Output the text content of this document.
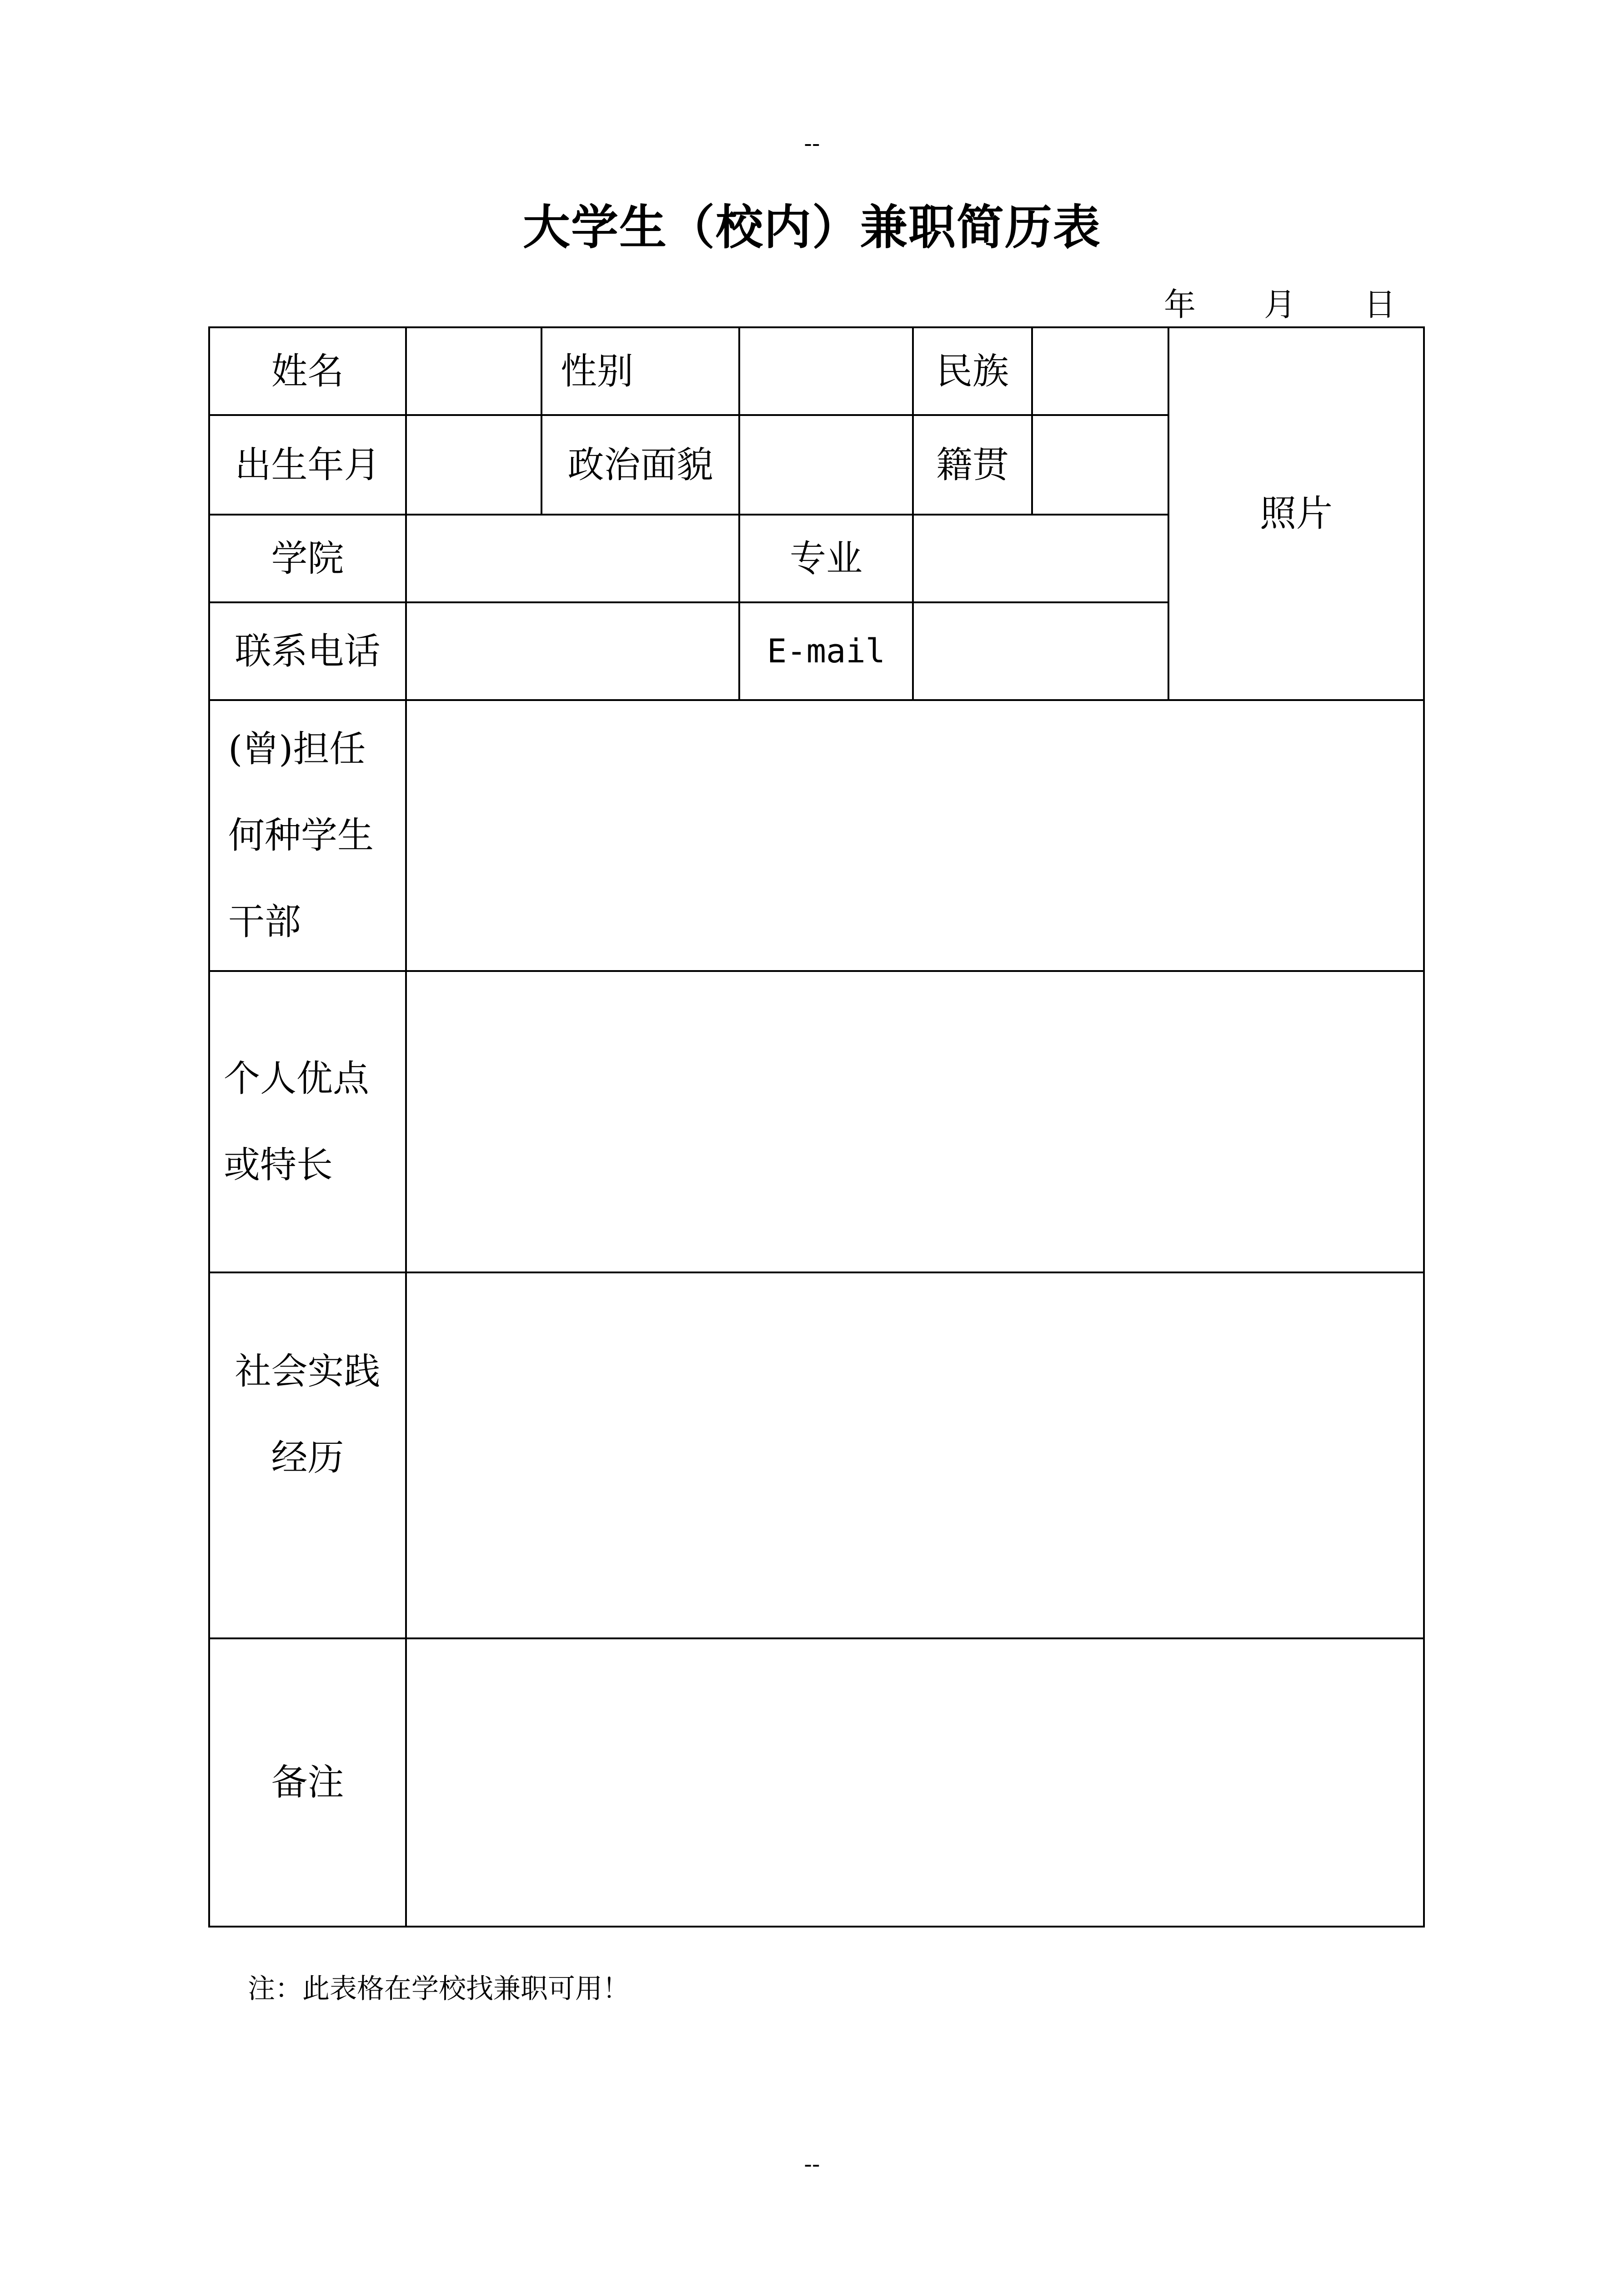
--
大学生（校内）兼职简历表
年 月 日
姓名		性别		民族		照片
出生年月		政治面貌		籍贯		
学院			专业			
联系电话			E-mail			

(曾)担任
何种学生
干部						

个人优点
或特长						

社会实践
经历						

备注						
注：此表格在学校找兼职可用！
--
